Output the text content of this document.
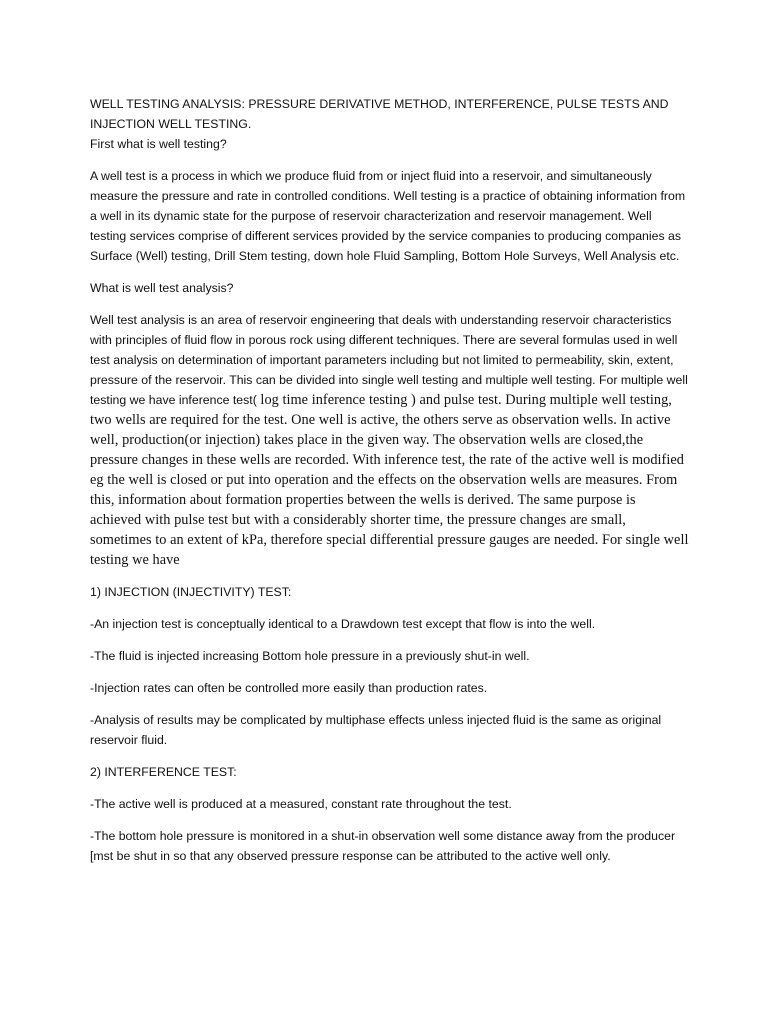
WELL TESTING ANALYSIS: PRESSURE DERIVATIVE METHOD, INTERFERENCE, PULSE TESTS AND INJECTION WELL TESTING.
First what is well testing?

A well test is a process in which we produce fluid from or inject fluid into a reservoir, and simultaneously measure the pressure and rate in controlled conditions. Well testing is a practice of obtaining information from a well in its dynamic state for the purpose of reservoir characterization and reservoir management. Well testing services comprise of different services provided by the service companies to producing companies as Surface (Well) testing, Drill Stem testing, down hole Fluid Sampling, Bottom Hole Surveys, Well Analysis etc.

What is well test analysis?

Well test analysis is an area of reservoir engineering that deals with understanding reservoir characteristics with principles of fluid flow in porous rock using different techniques. There are several formulas used in well test analysis on determination of important parameters including but not limited to permeability, skin, extent, pressure of the reservoir. This can be divided into single well testing and multiple well testing. For multiple well testing we have inference test( log time inference testing ) and pulse test. During multiple well testing, two wells are required for the test. One well is active, the others serve as observation wells. In active well, production(or injection) takes place in the given way. The observation wells are closed,the pressure changes in these wells are recorded. With inference test, the rate of the active well is modified eg the well is closed or put into operation and the effects on the observation wells are measures. From this, information about formation properties between the wells is derived. The same purpose is achieved with pulse test but with a considerably shorter time, the pressure changes are small, sometimes to an extent of kPa, therefore special differential pressure gauges are needed. For single well testing we have

1) INJECTION (INJECTIVITY) TEST:

-An injection test is conceptually identical to a Drawdown test except that flow is into the well.

-The fluid is injected increasing Bottom hole pressure in a previously shut-in well.

-Injection rates can often be controlled more easily than production rates.

-Analysis of results may be complicated by multiphase effects unless injected fluid is the same as original reservoir fluid.

2) INTERFERENCE TEST:

-The active well is produced at a measured, constant rate throughout the test.

-The bottom hole pressure is monitored in a shut-in observation well some distance away from the producer [mst be shut in so that any observed pressure response can be attributed to the active well only.
